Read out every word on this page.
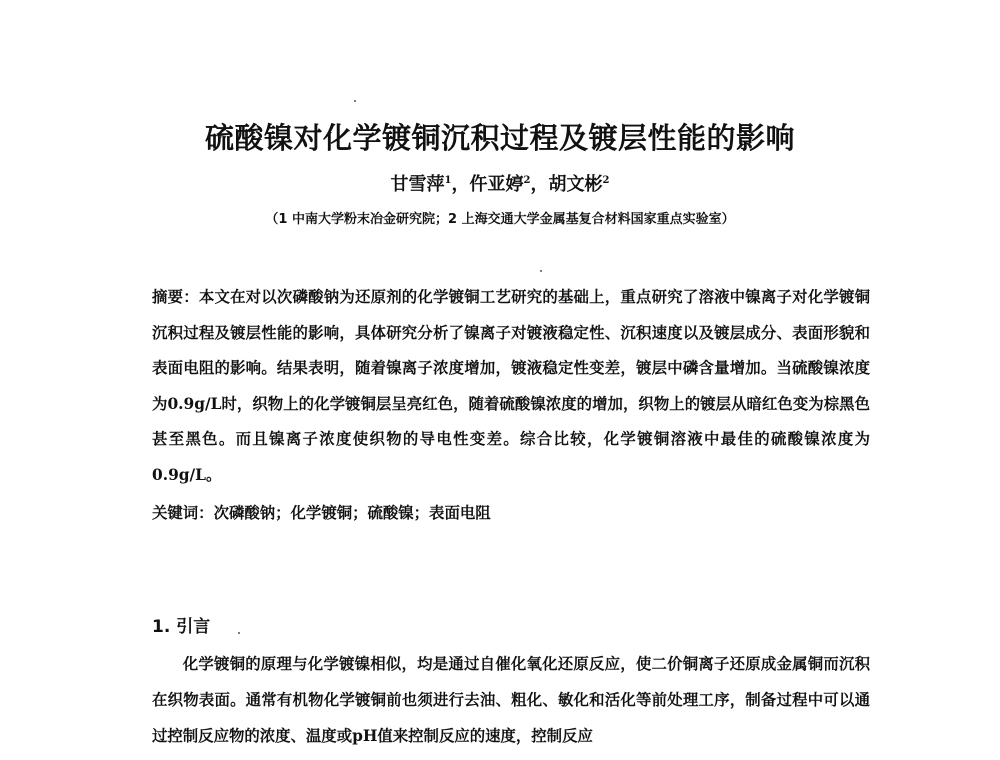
硫酸镍对化学镀铜沉积过程及镀层性能的影响
甘雪萍$^1$，仵亚婷$^2$，胡文彬$^2$
（1 中南大学粉末冶金研究院；2 上海交通大学金属基复合材料国家重点实验室）

摘要：本文在对以次磷酸钠为还原剂的化学镀铜工艺研究的基础上，重点研究了溶液中镍离子对化学镀铜沉积过程及镀层性能的影响，具体研究分析了镍离子对镀液稳定性、沉积速度以及镀层成分、表面形貌和表面电阻的影响。结果表明，随着镍离子浓度增加，镀液稳定性变差，镀层中磷含量增加。当硫酸镍浓度为0.9g/L时，织物上的化学镀铜层呈亮红色，随着硫酸镍浓度的增加，织物上的镀层从暗红色变为棕黑色甚至黑色。而且镍离子浓度使织物的导电性变差。综合比较，化学镀铜溶液中最佳的硫酸镍浓度为0.9g/L。

关键词：次磷酸钠；化学镀铜；硫酸镍；表面电阻

1. 引言

化学镀铜的原理与化学镀镍相似，均是通过自催化氧化还原反应，使二价铜离子还原成金属铜而沉积在织物表面。通常有机物化学镀铜前也须进行去油、粗化、敏化和活化等前处理工序，制备过程中可以通过控制反应物的浓度、温度或pH值来控制反应的速度，控制反应
